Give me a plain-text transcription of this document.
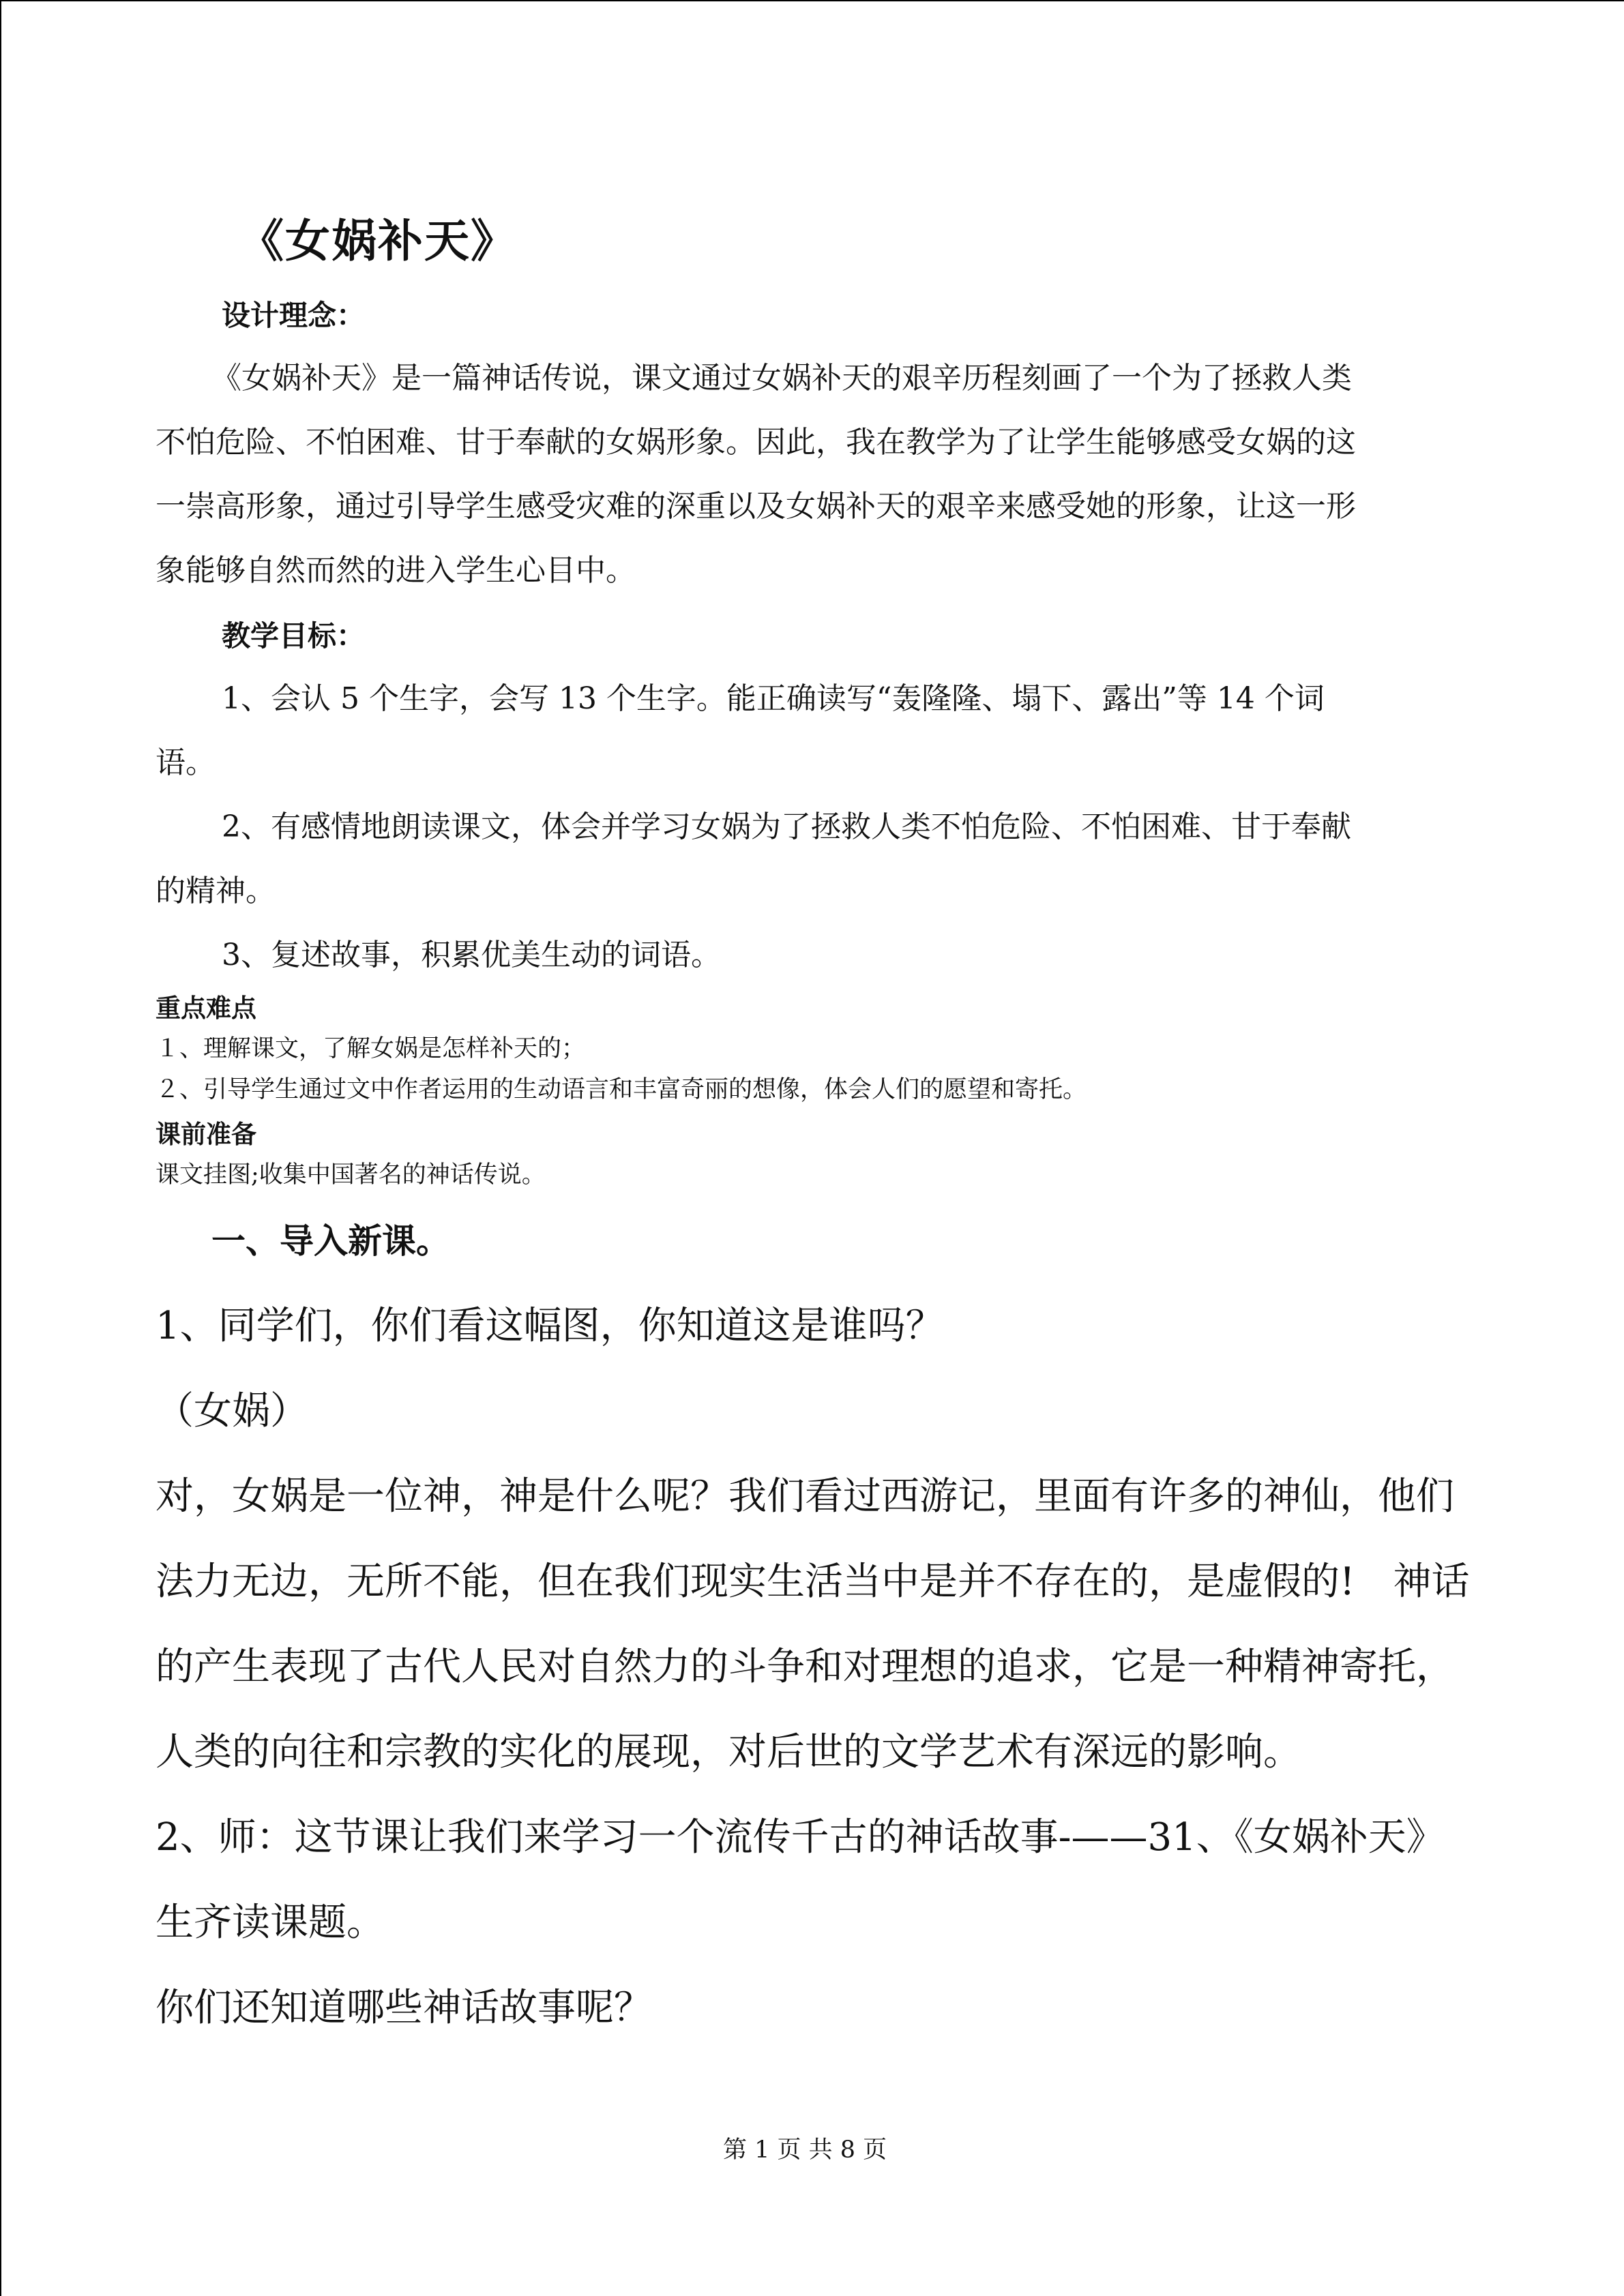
《女娲补天》
设计理念：
《女娲补天》是一篇神话传说，课文通过女娲补天的艰辛历程刻画了一个为了拯救人类
不怕危险、不怕困难、甘于奉献的女娲形象。因此，我在教学为了让学生能够感受女娲的这
一崇高形象，通过引导学生感受灾难的深重以及女娲补天的艰辛来感受她的形象，让这一形
象能够自然而然的进入学生心目中。
教学目标：
1、会认 5 个生字，会写 13 个生字。能正确读写“轰隆隆、塌下、露出”等 14 个词
语。
2、有感情地朗读课文，体会并学习女娲为了拯救人类不怕危险、不怕困难、甘于奉献
的精神。
3、复述故事，积累优美生动的词语。
重点难点
１、理解课文，了解女娲是怎样补天的；
２、引导学生通过文中作者运用的生动语言和丰富奇丽的想像，体会人们的愿望和寄托。
课前准备
课文挂图;收集中国著名的神话传说。
一、导入新课。
1、同学们，你们看这幅图，你知道这是谁吗？
（女娲）
对，女娲是一位神，神是什么呢？我们看过西游记，里面有许多的神仙，他们
法力无边，无所不能，但在我们现实生活当中是并不存在的，是虚假的!　神话
的产生表现了古代人民对自然力的斗争和对理想的追求，它是一种精神寄托，
人类的向往和宗教的实化的展现，对后世的文学艺术有深远的影响。
2、师：这节课让我们来学习一个流传千古的神话故事-——31、《女娲补天》
生齐读课题。
你们还知道哪些神话故事呢？
第 1 页 共 8 页
